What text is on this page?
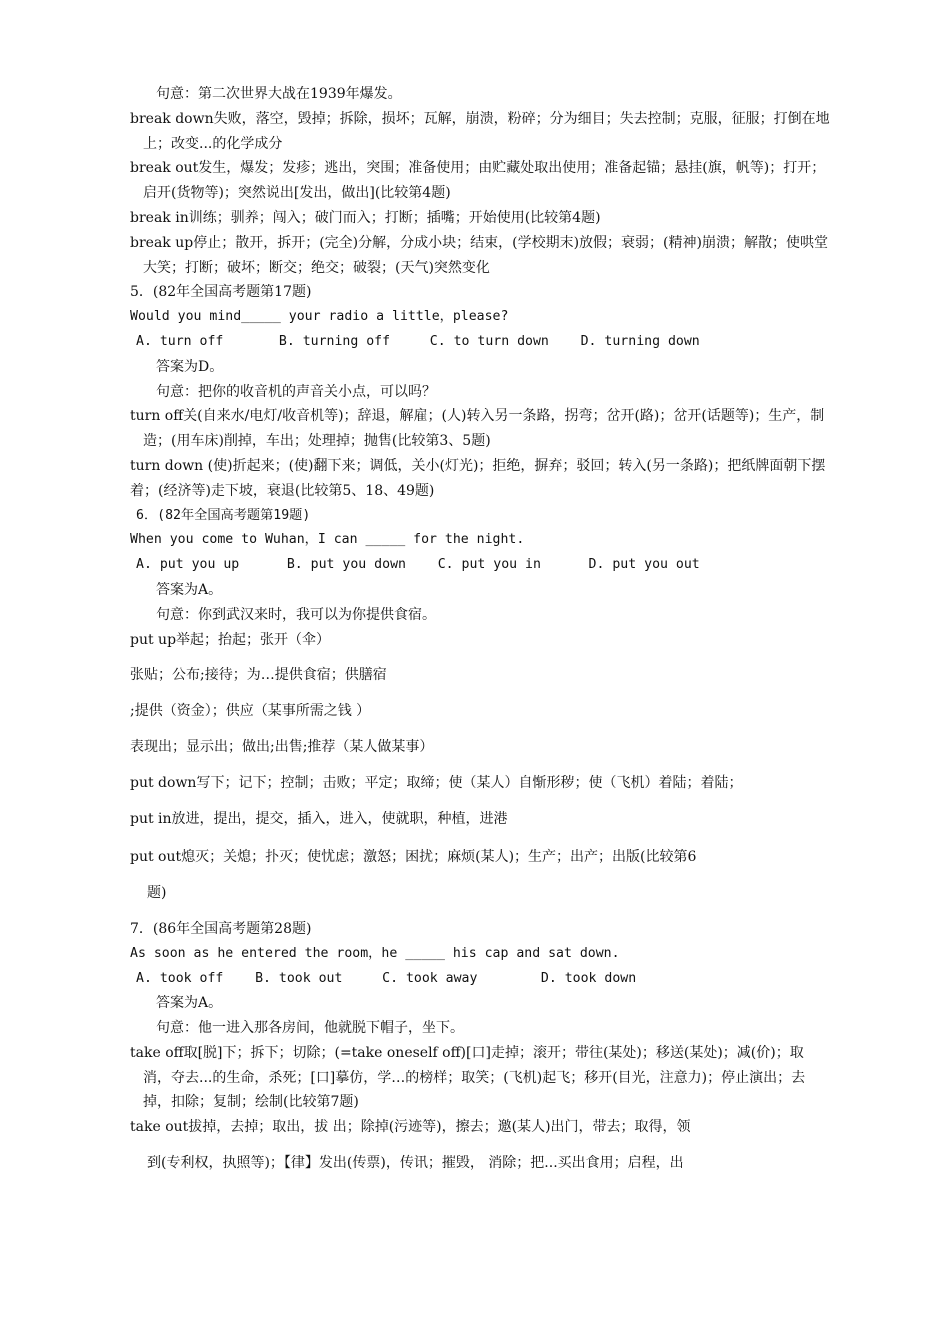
句意：第二次世界大战在1939年爆发。
break down失败，落空，毁掉；拆除，损坏；瓦解，崩溃，粉碎；分为细目；失去控制；克服，征服；打倒在地上；改变...的化学成分
break out发生，爆发；发疹；逃出，突围；准备使用；由贮藏处取出使用；准备起锚；悬挂(旗，帆等)；打开；启开(货物等)；突然说出[发出，做出](比较第4题)
break in训练；驯养；闯入；破门而入；打断；插嘴；开始使用(比较第4题)
break up停止；散开，拆开；(完全)分解，分成小块；结束，(学校期末)放假；衰弱；(精神)崩溃；解散；使哄堂大笑；打断；破坏；断交；绝交；破裂；(天气)突然变化
5．(82年全国高考题第17题)
Would you mind_____ your radio a little，please?
A. turn off       B. turning off     C. to turn down    D. turning down
答案为D。
句意：把你的收音机的声音关小点，可以吗？
turn off关(自来水/电灯/收音机等)；辞退，解雇；(人)转入另一条路，拐弯；岔开(路)；岔开(话题等)；生产，制造；(用车床)削掉，车出；处理掉；抛售(比较第3、5题)
turn down (使)折起来；(使)翻下来；调低，关小(灯光)；拒绝，摒弃；驳回；转入(另一条路)；把纸牌面朝下摆着；(经济等)走下坡，衰退(比较第5、18、49题)
6．(82年全国高考题第19题)
When you come to Wuhan，I can _____ for the night.
A. put you up      B. put you down    C. put you in      D. put you out
答案为A。
句意：你到武汉来时，我可以为你提供食宿。
put up举起；抬起；张开（伞）
张贴；公布;接待；为…提供食宿；供膳宿
;提供（资金）；供应（某事所需之钱 ）
表现出；显示出；做出;出售;推荐（某人做某事）
put down写下；记下；控制；击败；平定；取缔；使（某人）自惭形秽；使（飞机）着陆；着陆；
put in放进，提出，提交，插入，进入，使就职，种植，进港
put out熄灭；关熄；扑灭；使忧虑；激怒；困扰；麻烦(某人)；生产；出产；出版(比较第6
题)
7．(86年全国高考题第28题)
As soon as he entered the room，he _____ his cap and sat down.
A. took off    B. took out     C. took away        D. took down
答案为A。
句意：他一进入那各房间，他就脱下帽子，坐下。
take off取[脱]下；拆下；切除；(=take oneself off)[口]走掉；滚开；带往(某处)；移送(某处)；减(价)；取消，夺去...的生命，杀死；[口]摹仿，学…的榜样；取笑；(飞机)起飞；移开(目光，注意力)；停止演出；去掉，扣除；复制；绘制(比较第7题)
take out拔掉，去掉；取出，拔 出；除掉(污迹等)，擦去；邀(某人)出门，带去；取得，领
到(专利权，执照等)；【律】发出(传票)，传讯；摧毁， 消除；把...买出食用；启程，出
